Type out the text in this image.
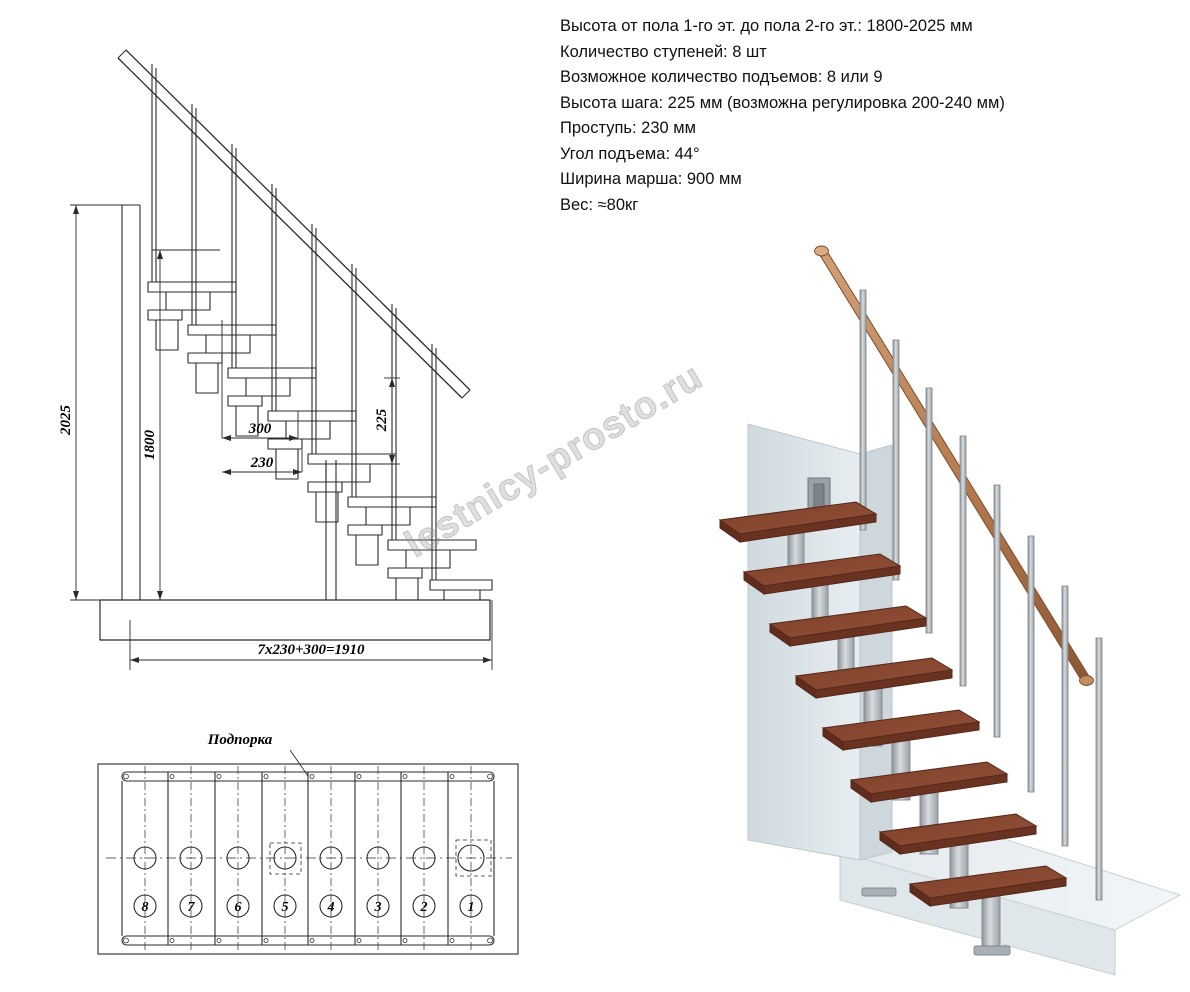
Высота от пола 1-го эт. до пола 2-го эт.: 1800-2025 мм
Количество ступеней: 8 шт
Возможное количество подъемов: 8 или 9
Высота шага: 225 мм (возможна регулировка 200-240 мм)
Проступь: 230 мм
Угол подъема: 44°
Ширина марша: 900 мм
Вес: ≈80кг
2025
1800
300
230
225
7x230+300=1910
Подпорка
8	7	6	5	4	3	2	1
lestnicy-prosto.ru
